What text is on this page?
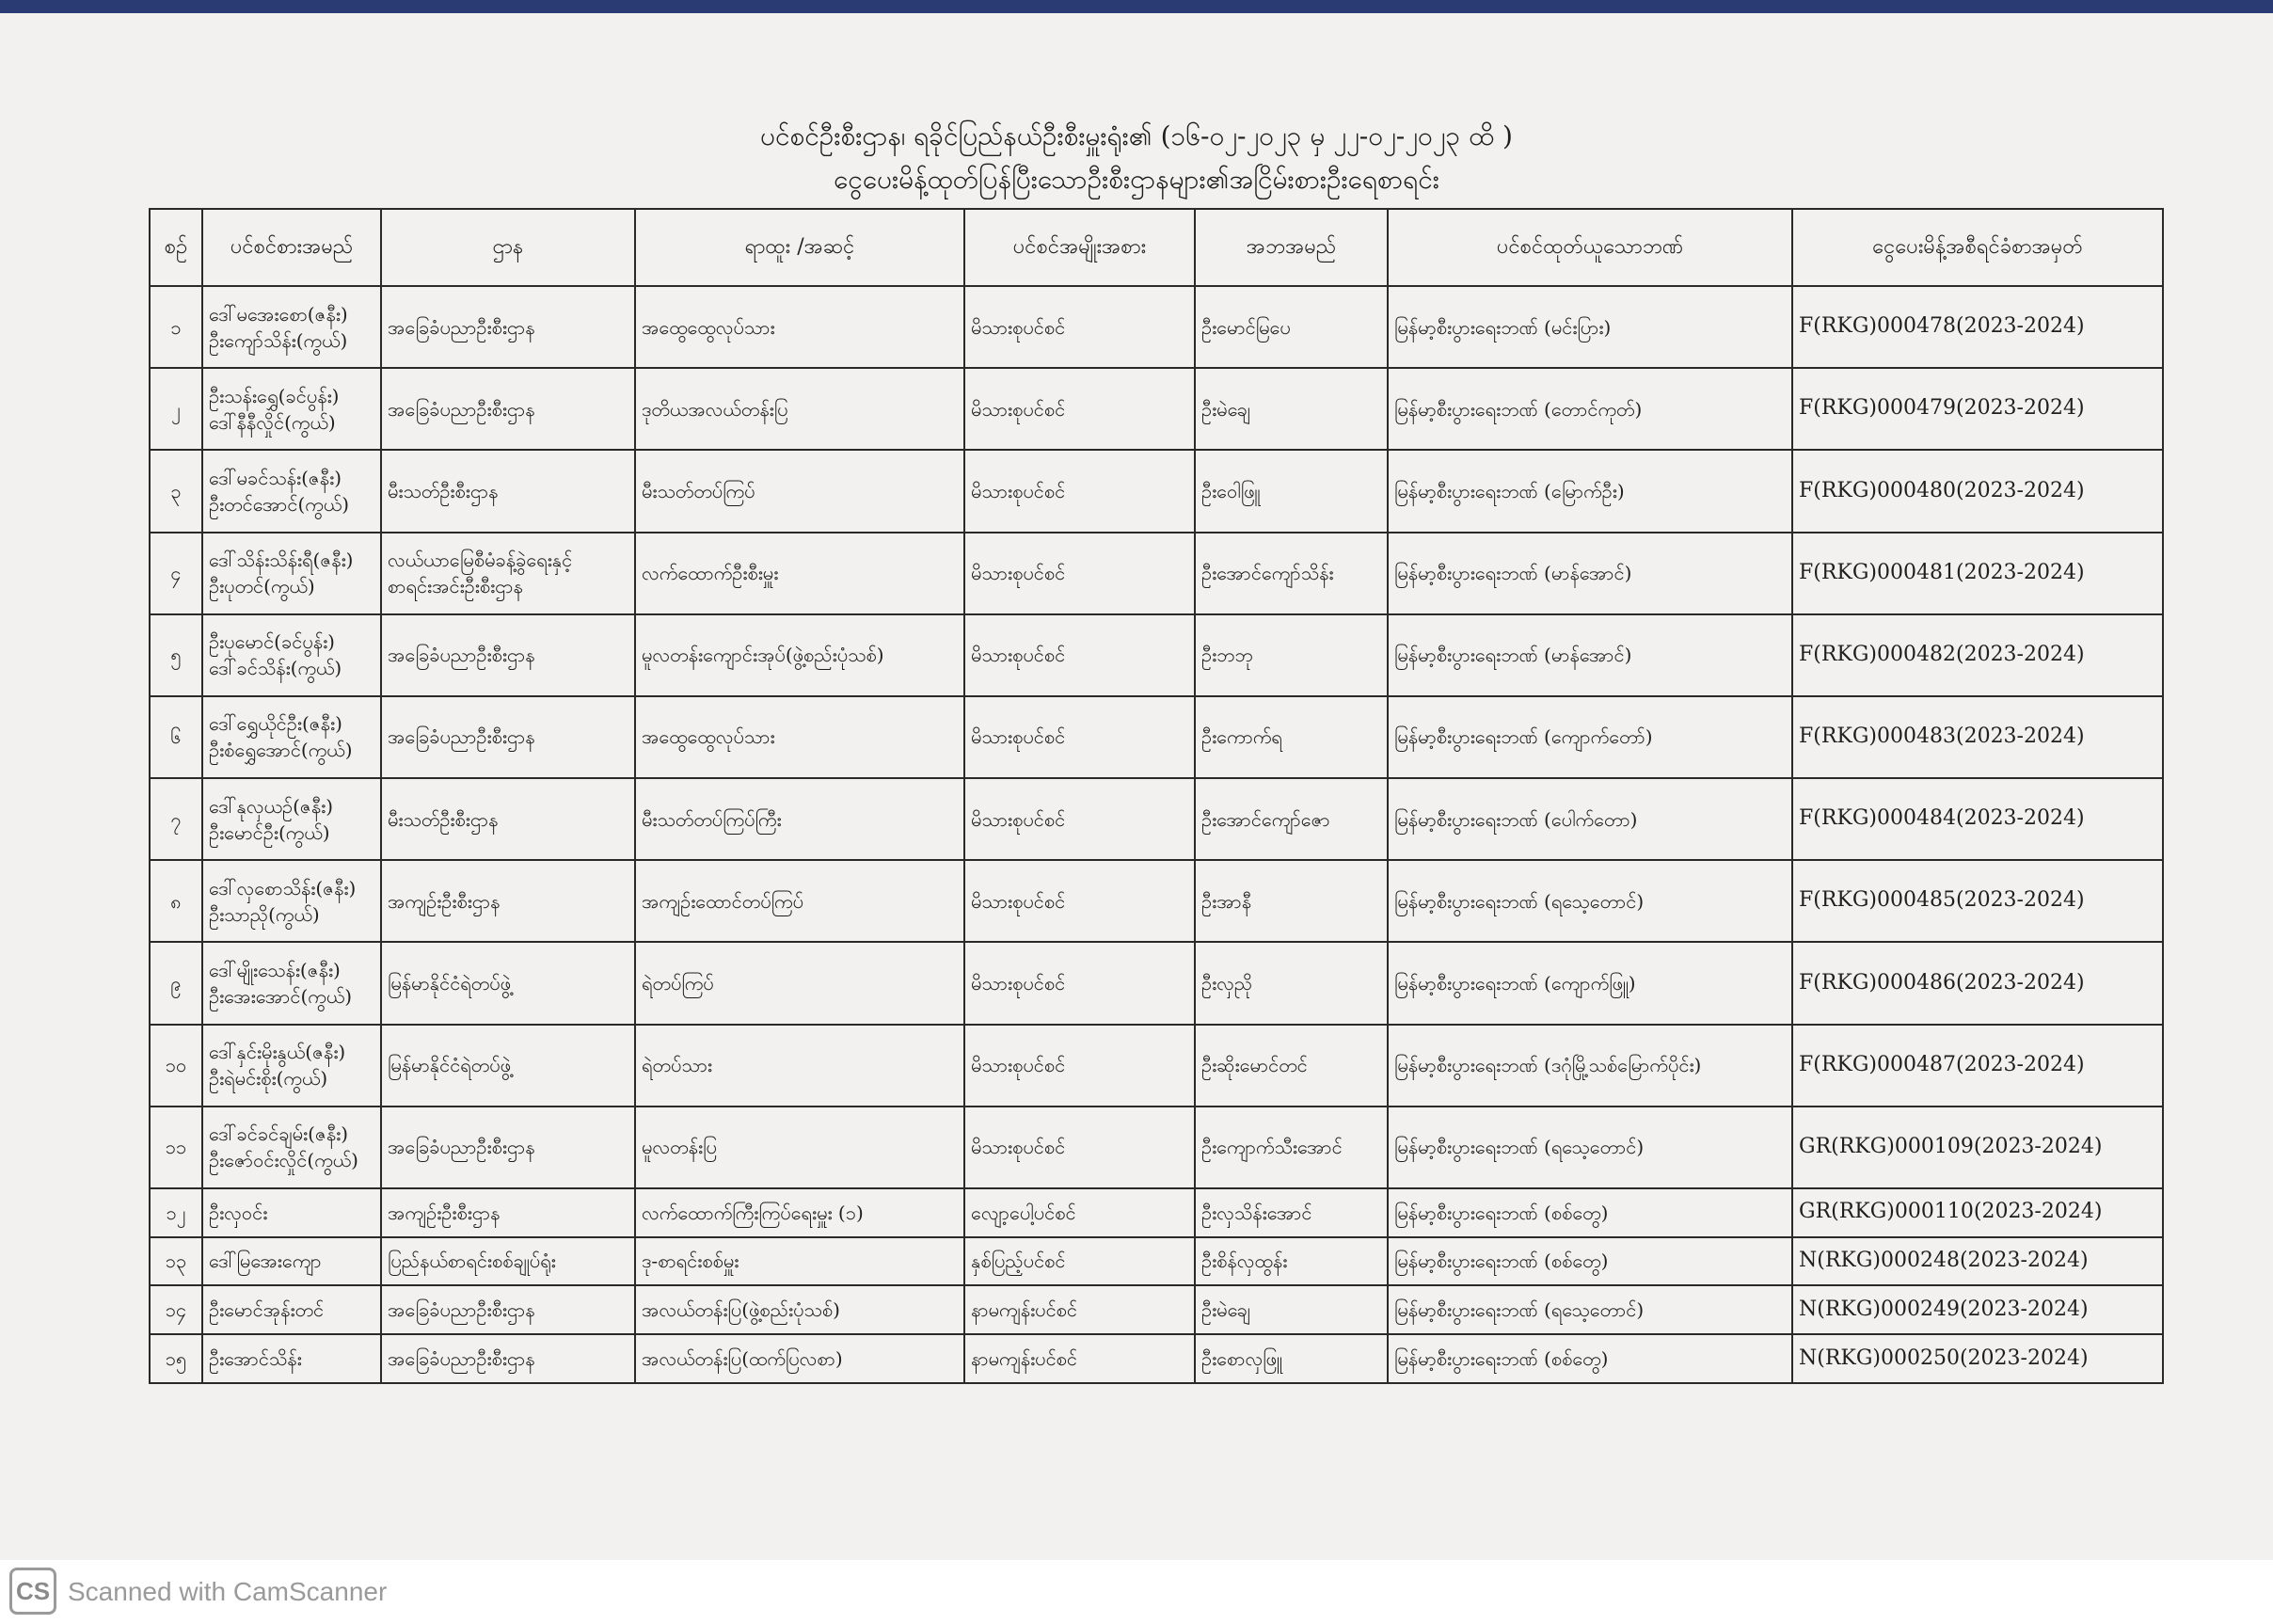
ပင်စင်ဦးစီးဌာန၊ ရခိုင်ပြည်နယ်ဦးစီးမှူးရုံး၏ (၁၆-၀၂-၂၀၂၃ မှ ၂၂-၀၂-၂၀၂၃ ထိ )
ငွေပေးမိန့်ထုတ်ပြန်ပြီးသောဦးစီးဌာနများ၏အငြိမ်းစားဦးရေစာရင်း
စဉ်	ပင်စင်စားအမည်	ဌာန	ရာထူး /အဆင့်	ပင်စင်အမျိုးအစား	အဘအမည်	ပင်စင်ထုတ်ယူသောဘဏ်	ငွေပေးမိန့်အစီရင်ခံစာအမှတ်
၁	ဒေါ်မအေးစော(ဇနီး)
ဦးကျော်သိန်း(ကွယ်)	အခြေခံပညာဦးစီးဌာန	အထွေထွေလုပ်သား	မိသားစုပင်စင်	ဦးမောင်မြပေ	မြန်မာ့စီးပွားရေးဘဏ် (မင်းပြား)	F(RKG)000478(2023-2024)
၂	ဦးသန်းရွှေ(ခင်ပွန်း)
ဒေါ်နီနီလှိုင်(ကွယ်)	အခြေခံပညာဦးစီးဌာန	ဒုတိယအလယ်တန်းပြ	မိသားစုပင်စင်	ဦးမဲချေ	မြန်မာ့စီးပွားရေးဘဏ် (တောင်ကုတ်)	F(RKG)000479(2023-2024)
၃	ဒေါ်မခင်သန်း(ဇနီး)
ဦးတင်အောင်(ကွယ်)	မီးသတ်ဦးစီးဌာန	မီးသတ်တပ်ကြပ်	မိသားစုပင်စင်	ဦးဝေါဖြူ	မြန်မာ့စီးပွားရေးဘဏ် (မြောက်ဦး)	F(RKG)000480(2023-2024)
၄	ဒေါ်သိန်းသိန်းရီ(ဇနီး)
ဦးပုတင်(ကွယ်)	လယ်ယာမြေစီမံခန့်ခွဲရေးနှင့် စာရင်းအင်းဦးစီးဌာန	လက်ထောက်ဦးစီးမှူး	မိသားစုပင်စင်	ဦးအောင်ကျော်သိန်း	မြန်မာ့စီးပွားရေးဘဏ် (မာန်အောင်)	F(RKG)000481(2023-2024)
၅	ဦးပုမောင်(ခင်ပွန်း)
ဒေါ်ခင်သိန်း(ကွယ်)	အခြေခံပညာဦးစီးဌာန	မူလတန်းကျောင်းအုပ်(ဖွဲ့စည်းပုံသစ်)	မိသားစုပင်စင်	ဦးဘဘု	မြန်မာ့စီးပွားရေးဘဏ် (မာန်အောင်)	F(RKG)000482(2023-2024)
၆	ဒေါ်ရွှေယိုင်ဦး(ဇနီး)
ဦးစံရွှေအောင်(ကွယ်)	အခြေခံပညာဦးစီးဌာန	အထွေထွေလုပ်သား	မိသားစုပင်စင်	ဦးကောက်ရ	မြန်မာ့စီးပွားရေးဘဏ် (ကျောက်တော်)	F(RKG)000483(2023-2024)
၇	ဒေါ်နုလှယဉ်(ဇနီး)
ဦးမောင်ဦး(ကွယ်)	မီးသတ်ဦးစီးဌာန	မီးသတ်တပ်ကြပ်ကြီး	မိသားစုပင်စင်	ဦးအောင်ကျော်ဇော	မြန်မာ့စီးပွားရေးဘဏ် (ပေါက်တော)	F(RKG)000484(2023-2024)
၈	ဒေါ်လှစောသိန်း(ဇနီး)
ဦးသာညို(ကွယ်)	အကျဉ်းဦးစီးဌာန	အကျဉ်းထောင်တပ်ကြပ်	မိသားစုပင်စင်	ဦးအာနီ	မြန်မာ့စီးပွားရေးဘဏ် (ရသေ့တောင်)	F(RKG)000485(2023-2024)
၉	ဒေါ်မျိုးသေန်း(ဇနီး)
ဦးအေးအောင်(ကွယ်)	မြန်မာနိုင်ငံရဲတပ်ဖွဲ့	ရဲတပ်ကြပ်	မိသားစုပင်စင်	ဦးလှညို	မြန်မာ့စီးပွားရေးဘဏ် (ကျောက်ဖြူ)	F(RKG)000486(2023-2024)
၁၀	ဒေါ်နှင်းမိုးနွယ်(ဇနီး)
ဦးရဲမင်းစိုး(ကွယ်)	မြန်မာနိုင်ငံရဲတပ်ဖွဲ့	ရဲတပ်သား	မိသားစုပင်စင်	ဦးဆိုးမောင်တင်	မြန်မာ့စီးပွားရေးဘဏ် (ဒဂုံမြို့သစ်မြောက်ပိုင်း)	F(RKG)000487(2023-2024)
၁၁	ဒေါ်ခင်ခင်ချမ်း(ဇနီး)
ဦးဇော်ဝင်းလှိုင်(ကွယ်)	အခြေခံပညာဦးစီးဌာန	မူလတန်းပြ	မိသားစုပင်စင်	ဦးကျောက်သီးအောင်	မြန်မာ့စီးပွားရေးဘဏ် (ရသေ့တောင်)	GR(RKG)000109(2023-2024)
၁၂	ဦးလှဝင်း	အကျဉ်းဦးစီးဌာန	လက်ထောက်ကြီးကြပ်ရေးမှူး (၁)	လျော့ပေါ့ပင်စင်	ဦးလှသိန်းအောင်	မြန်မာ့စီးပွားရေးဘဏ် (စစ်တွေ)	GR(RKG)000110(2023-2024)
၁၃	ဒေါ်မြအေးကျော	ပြည်နယ်စာရင်းစစ်ချုပ်ရုံး	ဒု-စာရင်းစစ်မှူး	နှစ်ပြည့်ပင်စင်	ဦးစိန်လှထွန်း	မြန်မာ့စီးပွားရေးဘဏ် (စစ်တွေ)	N(RKG)000248(2023-2024)
၁၄	ဦးမောင်အုန်းတင်	အခြေခံပညာဦးစီးဌာန	အလယ်တန်းပြ(ဖွဲ့စည်းပုံသစ်)	နာမကျန်းပင်စင်	ဦးမဲချေ	မြန်မာ့စီးပွားရေးဘဏ် (ရသေ့တောင်)	N(RKG)000249(2023-2024)
၁၅	ဦးအောင်သိန်း	အခြေခံပညာဦးစီးဌာန	အလယ်တန်းပြ(ထက်ပြလစာ)	နာမကျန်းပင်စင်	ဦးစောလှဖြူ	မြန်မာ့စီးပွားရေးဘဏ် (စစ်တွေ)	N(RKG)000250(2023-2024)
CS Scanned with CamScanner
